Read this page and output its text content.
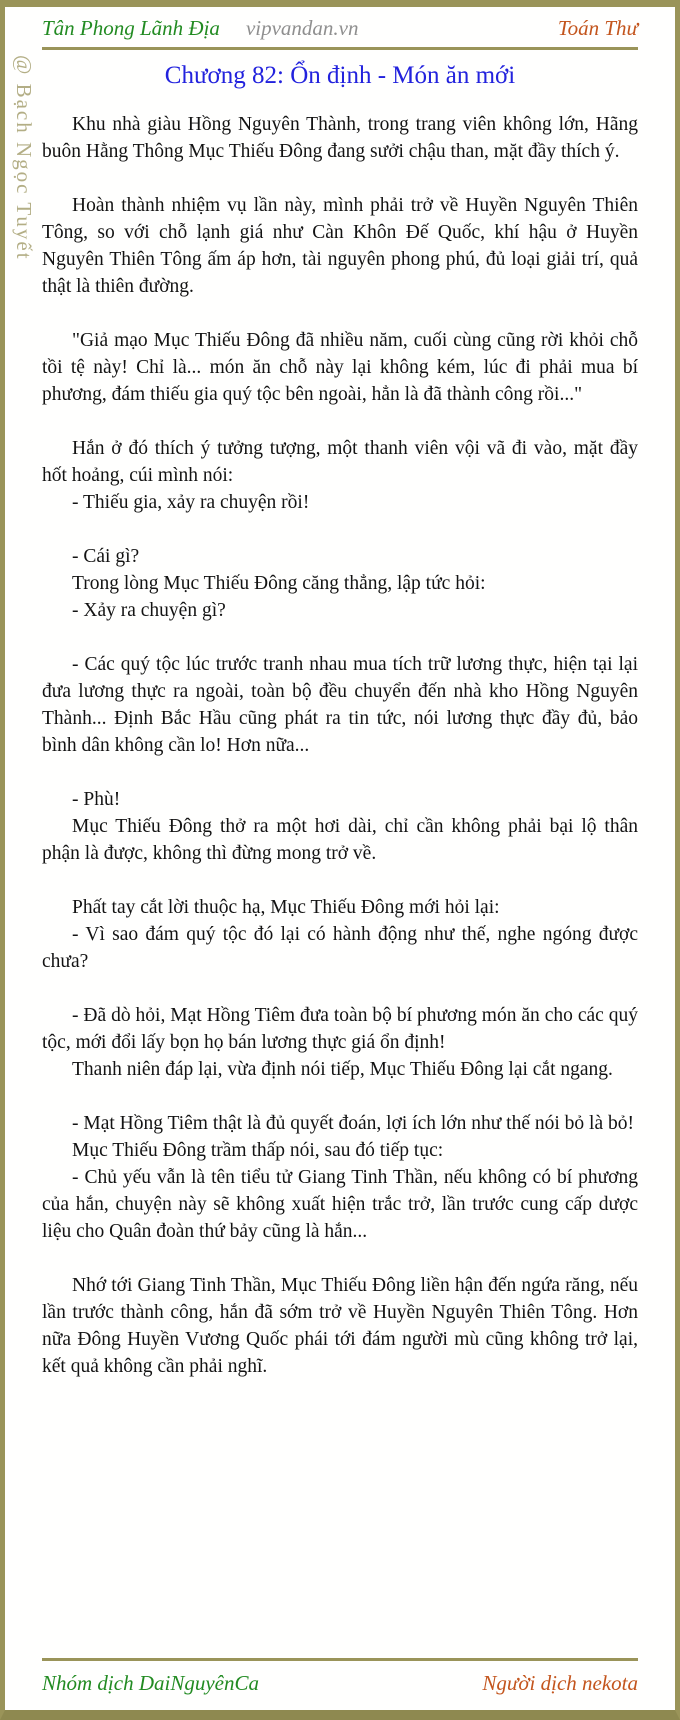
@ Bạch Ngọc Tuyết
Tân Phong Lãnh Địa vipvandan.vn	Toán Thư
Chương 82: Ổn định - Món ăn mới

Khu nhà giàu Hồng Nguyên Thành, trong trang viên không lớn, Hãng buôn Hằng Thông Mục Thiếu Đông đang sưởi chậu than, mặt đầy thích ý.

Hoàn thành nhiệm vụ lần này, mình phải trở về Huyền Nguyên Thiên Tông, so với chỗ lạnh giá như Càn Khôn Đế Quốc, khí hậu ở Huyền Nguyên Thiên Tông ấm áp hơn, tài nguyên phong phú, đủ loại giải trí, quả thật là thiên đường.

"Giả mạo Mục Thiếu Đông đã nhiều năm, cuối cùng cũng rời khỏi chỗ tồi tệ này! Chỉ là... món ăn chỗ này lại không kém, lúc đi phải mua bí phương, đám thiếu gia quý tộc bên ngoài, hẳn là đã thành công rồi..."

Hắn ở đó thích ý tưởng tượng, một thanh viên vội vã đi vào, mặt đầy hốt hoảng, cúi mình nói:

- Thiếu gia, xảy ra chuyện rồi!

- Cái gì?

Trong lòng Mục Thiếu Đông căng thẳng, lập tức hỏi:

- Xảy ra chuyện gì?

- Các quý tộc lúc trước tranh nhau mua tích trữ lương thực, hiện tại lại đưa lương thực ra ngoài, toàn bộ đều chuyển đến nhà kho Hồng Nguyên Thành... Định Bắc Hầu cũng phát ra tin tức, nói lương thực đầy đủ, bảo bình dân không cần lo! Hơn nữa...

- Phù!

Mục Thiếu Đông thở ra một hơi dài, chỉ cần không phải bại lộ thân phận là được, không thì đừng mong trở về.

Phất tay cắt lời thuộc hạ, Mục Thiếu Đông mới hỏi lại:

- Vì sao đám quý tộc đó lại có hành động như thế, nghe ngóng được chưa?

- Đã dò hỏi, Mạt Hồng Tiêm đưa toàn bộ bí phương món ăn cho các quý tộc, mới đổi lấy bọn họ bán lương thực giá ổn định!

Thanh niên đáp lại, vừa định nói tiếp, Mục Thiếu Đông lại cắt ngang.

- Mạt Hồng Tiêm thật là đủ quyết đoán, lợi ích lớn như thế nói bỏ là bỏ!

Mục Thiếu Đông trầm thấp nói, sau đó tiếp tục:

- Chủ yếu vẫn là tên tiểu tử Giang Tinh Thần, nếu không có bí phương của hắn, chuyện này sẽ không xuất hiện trắc trở, lần trước cung cấp dược liệu cho Quân đoàn thứ bảy cũng là hắn...

Nhớ tới Giang Tinh Thần, Mục Thiếu Đông liền hận đến ngứa răng, nếu lần trước thành công, hắn đã sớm trở về Huyền Nguyên Thiên Tông. Hơn nữa Đông Huyền Vương Quốc phái tới đám người mù cũng không trở lại, kết quả không cần phải nghĩ.

Nhóm dịch DaiNguyênCa	Người dịch nekota
